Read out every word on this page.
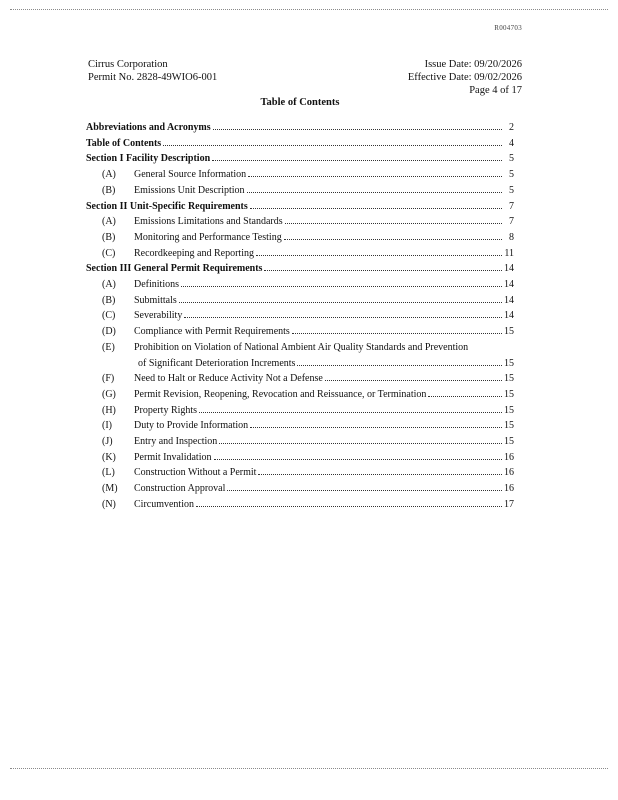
R004703
Cirrus Corporation
Permit No. 2828-49WIO6-001
Issue Date: 09/20/2026
Effective Date: 09/02/2026
Page 4 of 17
Table of Contents
Abbreviations and Acronyms	2
Table of Contents	4
Section I Facility Description	5
(A)	General Source Information	5
(B)	Emissions Unit Description	5
Section II Unit-Specific Requirements	7
(A)	Emissions Limitations and Standards	7
(B)	Monitoring and Performance Testing	8
(C)	Recordkeeping and Reporting	11
Section III General Permit Requirements	14
(A)	Definitions	14
(B)	Submittals	14
(C)	Severability	14
(D)	Compliance with Permit Requirements	15
(E)	Prohibition on Violation of National Ambient Air Quality Standards and Prevention
of Significant Deterioration Increments	15
(F)	Need to Halt or Reduce Activity Not a Defense	15
(G)	Permit Revision, Reopening, Revocation and Reissuance, or Termination	15
(H)	Property Rights	15
(I)	Duty to Provide Information	15
(J)	Entry and Inspection	15
(K)	Permit Invalidation	16
(L)	Construction Without a Permit	16
(M)	Construction Approval	16
(N)	Circumvention	17
